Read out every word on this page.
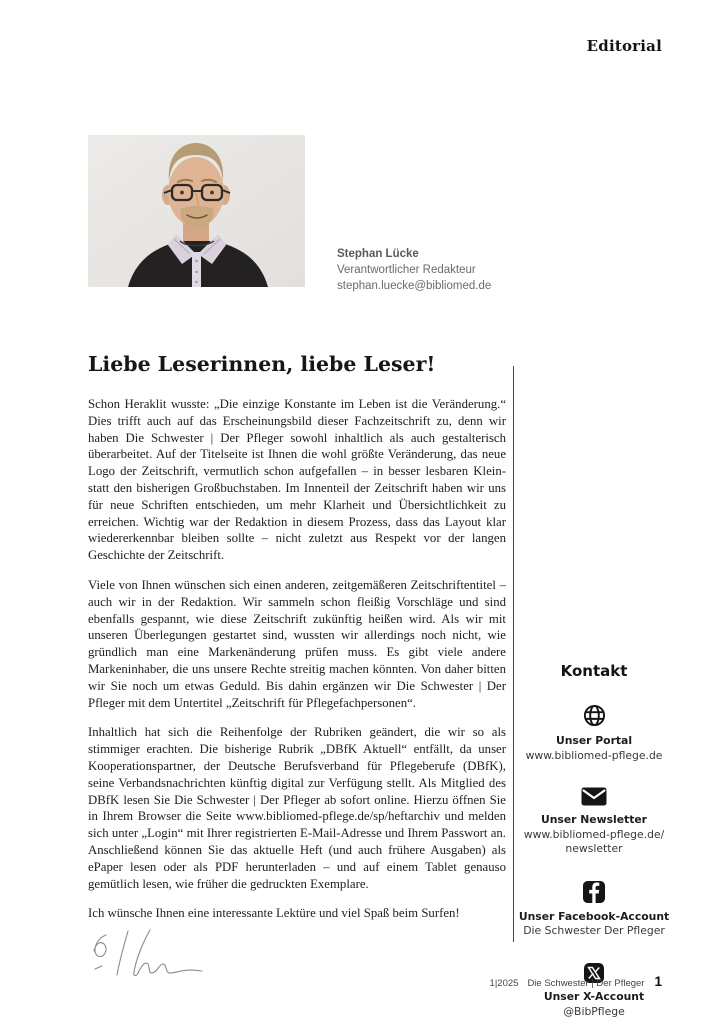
Editorial
Stephan Lücke
Verantwortlicher Redakteur
stephan.luecke@bibliomed.de
Liebe Leserinnen, liebe Leser!

Schon Heraklit wusste: „Die einzige Konstante im Leben ist die Veränderung.“ Dies trifft auch auf das Erscheinungsbild dieser Fachzeitschrift zu, denn wir haben Die Schwester | Der Pfleger sowohl inhaltlich als auch gestalterisch überarbeitet. Auf der Titelseite ist Ihnen die wohl größte Veränderung, das neue Logo der Zeitschrift, vermutlich schon aufgefallen – in besser lesbaren Klein- statt den bisherigen Großbuchstaben. Im Innenteil der Zeitschrift haben wir uns für neue Schriften entschieden, um mehr Klarheit und Übersichtlichkeit zu erreichen. Wichtig war der Redaktion in diesem Prozess, dass das Layout klar wiedererkennbar bleiben sollte – nicht zuletzt aus Respekt vor der langen Geschichte der Zeitschrift.

Viele von Ihnen wünschen sich einen anderen, zeitgemäßeren Zeitschriftentitel – auch wir in der Redaktion. Wir sammeln schon fleißig Vorschläge und sind ebenfalls gespannt, wie diese Zeitschrift zukünftig heißen wird. Als wir mit unseren Überlegungen gestartet sind, wussten wir allerdings noch nicht, wie gründlich man eine Markenänderung prüfen muss. Es gibt viele andere Markeninhaber, die uns unsere Rechte streitig machen könnten. Von daher bitten wir Sie noch um etwas Geduld. Bis dahin ergänzen wir Die Schwester | Der Pfleger mit dem Untertitel „Zeitschrift für Pflegefachpersonen“.

Inhaltlich hat sich die Reihenfolge der Rubriken geändert, die wir so als stimmiger erachten. Die bisherige Rubrik „DBfK Aktuell“ entfällt, da unser Kooperationspartner, der Deutsche Berufsverband für Pflegeberufe (DBfK), seine Verbandsnachrichten künftig digital zur Verfügung stellt. Als Mitglied des DBfK lesen Sie Die Schwester | Der Pfleger ab sofort online. Hierzu öffnen Sie in Ihrem Browser die Seite www.bibliomed-pflege.de/sp/heftarchiv und melden sich unter „Login“ mit Ihrer registrierten E-Mail-Adresse und Ihrem Passwort an. Anschließend können Sie das aktuelle Heft (und auch frühere Ausgaben) als ePaper lesen oder als PDF herunterladen – und auf einem Tablet genauso gemütlich lesen, wie früher die gedruckten Exemplare.

Ich wünsche Ihnen eine interessante Lektüre und viel Spaß beim Surfen!

Kontakt
Unser Portal
www.bibliomed-pflege.de
Unser Newsletter
www.bibliomed-pflege.de/
newsletter
Unser Facebook-Account
Die Schwester Der Pfleger
Unser X-Account
@BibPflege
1|2025 Die Schwester | Der Pfleger 1
